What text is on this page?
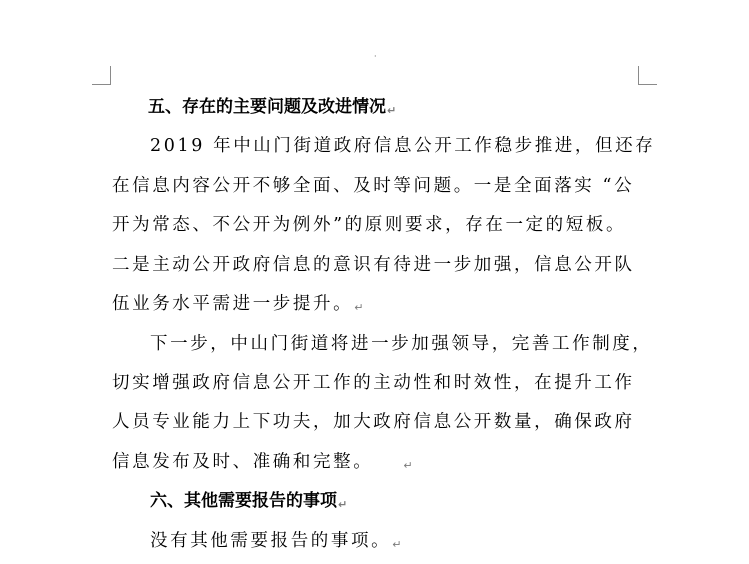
·
五、存在的主要问题及改进情况↵
2019 年中山门街道政府信息公开工作稳步推进，但还存
在信息内容公开不够全面、及时等问题。一是全面落实 “公
开为常态、不公开为例外”的原则要求，存在一定的短板。
二是主动公开政府信息的意识有待进一步加强，信息公开队
伍业务水平需进一步提升。↵
下一步，中山门街道将进一步加强领导，完善工作制度，
切实增强政府信息公开工作的主动性和时效性，在提升工作
人员专业能力上下功夫，加大政府信息公开数量，确保政府
信息发布及时、准确和完整。	↵
六、其他需要报告的事项↵
没有其他需要报告的事项。↵
